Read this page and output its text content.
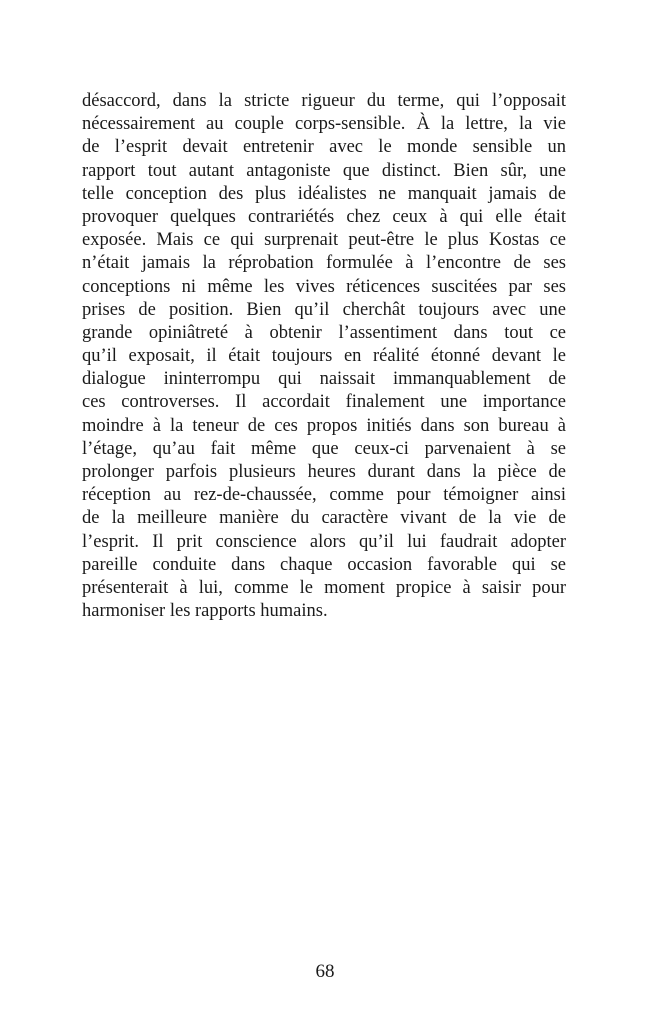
désaccord, dans la stricte rigueur du terme, qui l’opposait
nécessairement au couple corps-sensible. À la lettre, la vie
de l’esprit devait entretenir avec le monde sensible un
rapport tout autant antagoniste que distinct. Bien sûr, une
telle conception des plus idéalistes ne manquait jamais de
provoquer quelques contrariétés chez ceux à qui elle était
exposée. Mais ce qui surprenait peut-être le plus Kostas ce
n’était jamais la réprobation formulée à l’encontre de ses
conceptions ni même les vives réticences suscitées par ses
prises de position. Bien qu’il cherchât toujours avec une
grande opiniâtreté à obtenir l’assentiment dans tout ce
qu’il exposait, il était toujours en réalité étonné devant le
dialogue ininterrompu qui naissait immanquablement de
ces controverses. Il accordait finalement une importance
moindre à la teneur de ces propos initiés dans son bureau à
l’étage, qu’au fait même que ceux-ci parvenaient à se
prolonger parfois plusieurs heures durant dans la pièce de
réception au rez-de-chaussée, comme pour témoigner ainsi
de la meilleure manière du caractère vivant de la vie de
l’esprit. Il prit conscience alors qu’il lui faudrait adopter
pareille conduite dans chaque occasion favorable qui se
présenterait à lui, comme le moment propice à saisir pour
harmoniser les rapports humains.

68
